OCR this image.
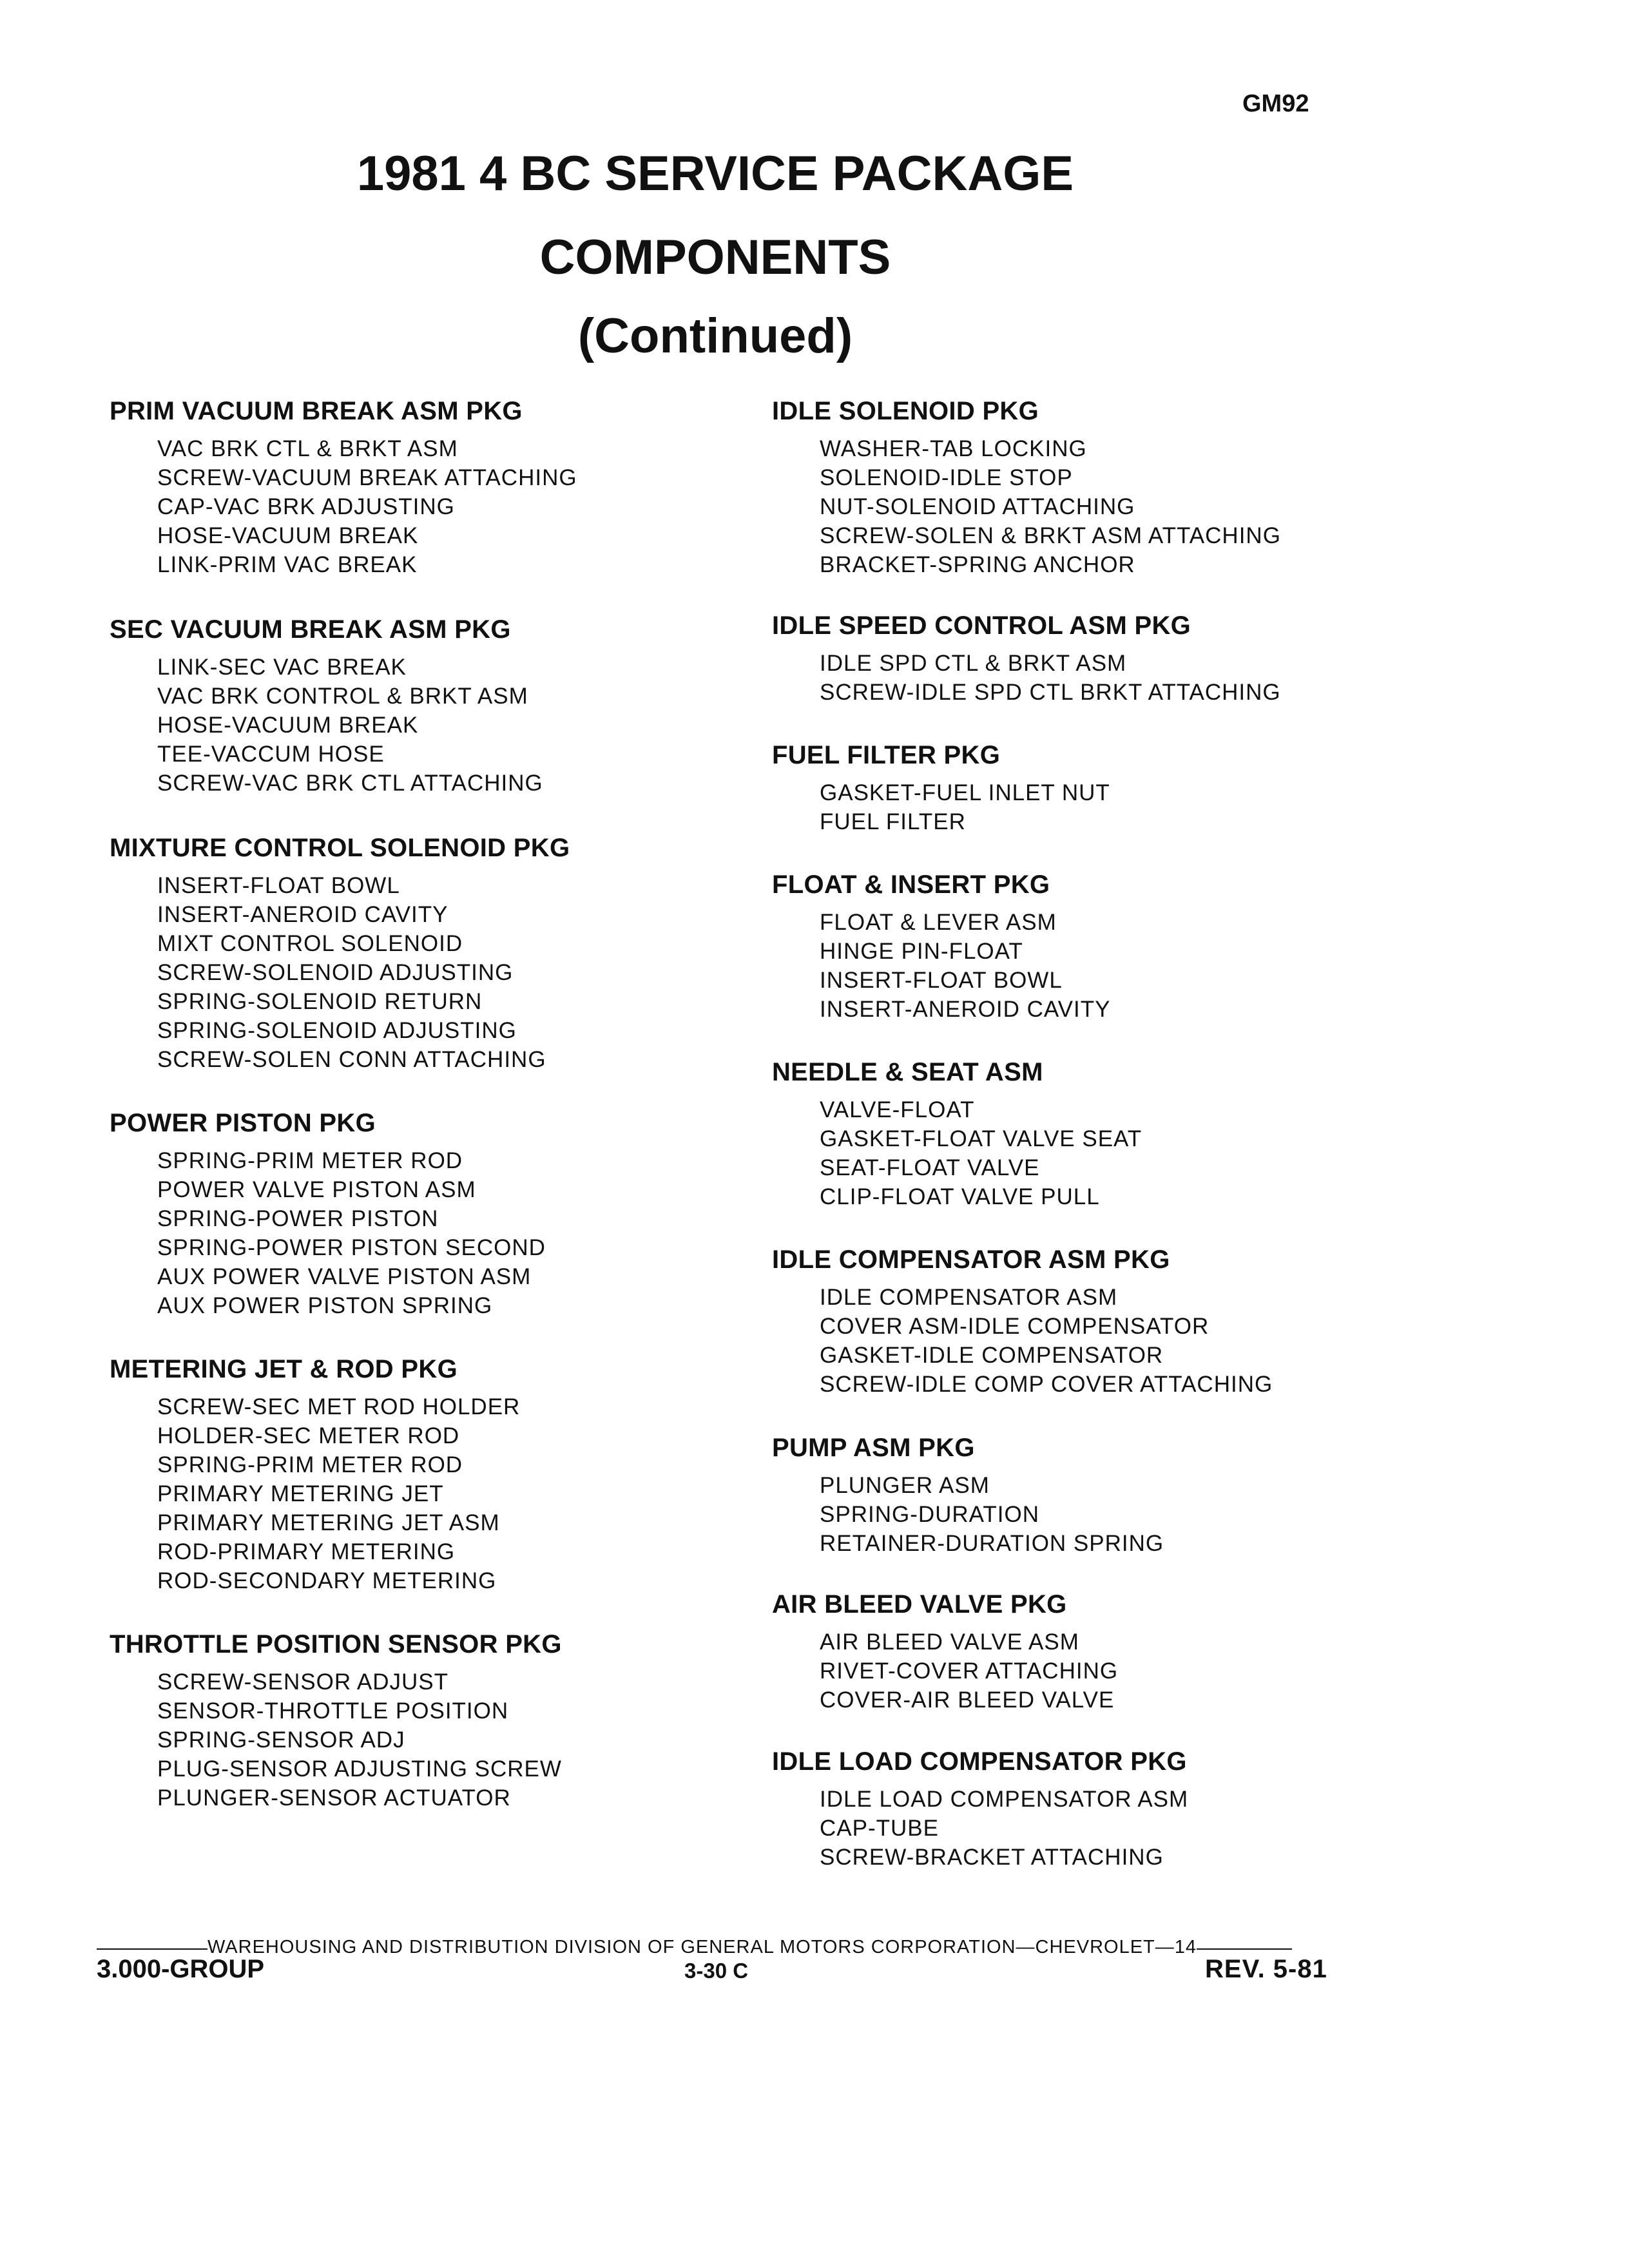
GM92
1981 4 BC SERVICE PACKAGE
COMPONENTS
(Continued)
PRIM VACUUM BREAK ASM PKG
VAC BRK CTL & BRKT ASM
SCREW-VACUUM BREAK ATTACHING
CAP-VAC BRK ADJUSTING
HOSE-VACUUM BREAK
LINK-PRIM VAC BREAK
SEC VACUUM BREAK ASM PKG
LINK-SEC VAC BREAK
VAC BRK CONTROL & BRKT ASM
HOSE-VACUUM BREAK
TEE-VACCUM HOSE
SCREW-VAC BRK CTL ATTACHING
MIXTURE CONTROL SOLENOID PKG
INSERT-FLOAT BOWL
INSERT-ANEROID CAVITY
MIXT CONTROL SOLENOID
SCREW-SOLENOID ADJUSTING
SPRING-SOLENOID RETURN
SPRING-SOLENOID ADJUSTING
SCREW-SOLEN CONN ATTACHING
POWER PISTON PKG
SPRING-PRIM METER ROD
POWER VALVE PISTON ASM
SPRING-POWER PISTON
SPRING-POWER PISTON SECOND
AUX POWER VALVE PISTON ASM
AUX POWER PISTON SPRING
METERING JET & ROD PKG
SCREW-SEC MET ROD HOLDER
HOLDER-SEC METER ROD
SPRING-PRIM METER ROD
PRIMARY METERING JET
PRIMARY METERING JET ASM
ROD-PRIMARY METERING
ROD-SECONDARY METERING
THROTTLE POSITION SENSOR PKG
SCREW-SENSOR ADJUST
SENSOR-THROTTLE POSITION
SPRING-SENSOR ADJ
PLUG-SENSOR ADJUSTING SCREW
PLUNGER-SENSOR ACTUATOR
IDLE SOLENOID PKG
WASHER-TAB LOCKING
SOLENOID-IDLE STOP
NUT-SOLENOID ATTACHING
SCREW-SOLEN & BRKT ASM ATTACHING
BRACKET-SPRING ANCHOR
IDLE SPEED CONTROL ASM PKG
IDLE SPD CTL & BRKT ASM
SCREW-IDLE SPD CTL BRKT ATTACHING
FUEL FILTER PKG
GASKET-FUEL INLET NUT
FUEL FILTER
FLOAT & INSERT PKG
FLOAT & LEVER ASM
HINGE PIN-FLOAT
INSERT-FLOAT BOWL
INSERT-ANEROID CAVITY
NEEDLE & SEAT ASM
VALVE-FLOAT
GASKET-FLOAT VALVE SEAT
SEAT-FLOAT VALVE
CLIP-FLOAT VALVE PULL
IDLE COMPENSATOR ASM PKG
IDLE COMPENSATOR ASM
COVER ASM-IDLE COMPENSATOR
GASKET-IDLE COMPENSATOR
SCREW-IDLE COMP COVER ATTACHING
PUMP ASM PKG
PLUNGER ASM
SPRING-DURATION
RETAINER-DURATION SPRING
AIR BLEED VALVE PKG
AIR BLEED VALVE ASM
RIVET-COVER ATTACHING
COVER-AIR BLEED VALVE
IDLE LOAD COMPENSATOR PKG
IDLE LOAD COMPENSATOR ASM
CAP-TUBE
SCREW-BRACKET ATTACHING
WAREHOUSING AND DISTRIBUTION DIVISION OF GENERAL MOTORS CORPORATION—CHEVROLET—14
3.000-GROUP	3-30 C	REV. 5-81
